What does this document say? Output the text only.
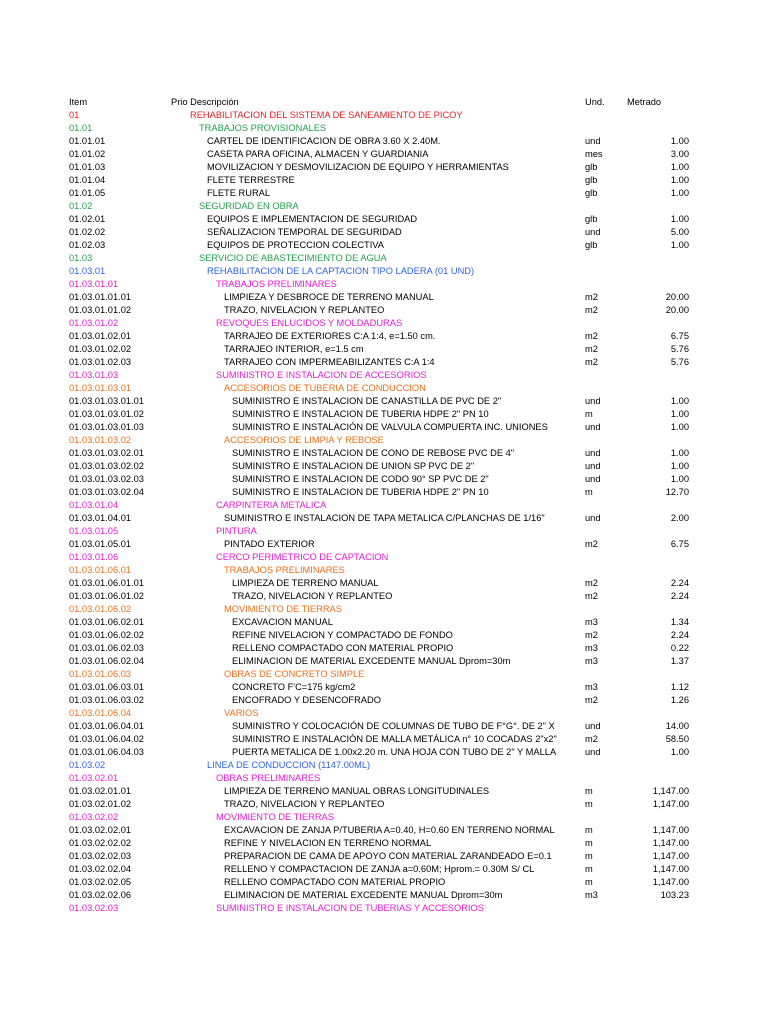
Item	Prio Descripción	Und.	Metrado
01	REHABILITACION DEL SISTEMA DE SANEAMIENTO DE PICOY
01.01	TRABAJOS PROVISIONALES
01.01.01	CARTEL DE IDENTIFICACION DE OBRA 3.60 X 2.40M.	und	1.00
01.01.02	CASETA PARA OFICINA, ALMACEN Y GUARDIANIA	mes	3.00
01.01.03	MOVILIZACION Y DESMOVILIZACION DE EQUIPO Y HERRAMIENTAS	glb	1.00
01.01.04	FLETE TERRESTRE	glb	1.00
01.01.05	FLETE RURAL	glb	1.00
01.02	SEGURIDAD EN OBRA
01.02.01	EQUIPOS E IMPLEMENTACION DE SEGURIDAD	glb	1.00
01.02.02	SEÑALIZACION TEMPORAL DE SEGURIDAD	und	5.00
01.02.03	EQUIPOS DE PROTECCION COLECTIVA	glb	1.00
01.03	SERVICIO DE ABASTECIMIENTO DE AGUA
01.03.01	REHABILITACION DE LA CAPTACION TIPO LADERA (01 UND)
01.03.01.01	TRABAJOS PRELIMINARES
01.03.01.01.01	LIMPIEZA Y DESBROCE DE TERRENO MANUAL	m2	20.00
01.03.01.01.02	TRAZO, NIVELACION Y REPLANTEO	m2	20.00
01.03.01.02	REVOQUES ENLUCIDOS Y MOLDADURAS
01.03.01.02.01	TARRAJEO DE EXTERIORES C:A 1:4, e=1.50 cm.	m2	6.75
01.03.01.02.02	TARRAJEO INTERIOR, e=1.5 cm	m2	5.76
01.03.01.02.03	TARRAJEO CON IMPERMEABILIZANTES C:A 1:4	m2	5.76
01.03.01.03	SUMINISTRO E INSTALACION DE ACCESORIOS
01.03.01.03.01	ACCESORIOS DE TUBERIA DE CONDUCCION
01.03.01.03.01.01	SUMINISTRO E INSTALACION DE CANASTILLA DE PVC DE 2"	und	1.00
01.03.01.03.01.02	SUMINISTRO E INSTALACION DE TUBERIA HDPE 2" PN 10	m	1.00
01.03.01.03.01.03	SUMINISTRO E INSTALACIÓN DE VALVULA COMPUERTA INC. UNIONES	und	1.00
01.03.01.03.02	ACCESORIOS DE LIMPIA Y REBOSE
01.03.01.03.02.01	SUMINISTRO E INSTALACION DE CONO DE REBOSE PVC DE 4"	und	1.00
01.03.01.03.02.02	SUMINISTRO E INSTALACION DE UNION SP PVC DE 2"	und	1.00
01.03.01.03.02.03	SUMINISTRO E INSTALACION DE CODO 90° SP PVC DE 2"	und	1.00
01.03.01.03.02.04	SUMINISTRO E INSTALACION DE TUBERIA HDPE 2" PN 10	m	12.70
01.03.01.04	CARPINTERIA METALICA
01.03.01.04.01	SUMINISTRO E INSTALACION DE TAPA METALICA C/PLANCHAS DE 1/16"	und	2.00
01.03.01.05	PINTURA
01.03.01.05.01	PINTADO EXTERIOR	m2	6.75
01.03.01.06	CERCO PERIMETRICO DE CAPTACION
01.03.01.06.01	TRABAJOS PRELIMINARES
01.03.01.06.01.01	LIMPIEZA DE TERRENO MANUAL	m2	2.24
01.03.01.06.01.02	TRAZO, NIVELACION Y REPLANTEO	m2	2.24
01.03.01.06.02	MOVIMIENTO DE TIERRAS
01.03.01.06.02.01	EXCAVACION MANUAL	m3	1.34
01.03.01.06.02.02	REFINE NIVELACION Y COMPACTADO DE FONDO	m2	2.24
01.03.01.06.02.03	RELLENO COMPACTADO CON MATERIAL PROPIO	m3	0.22
01.03.01.06.02.04	ELIMINACION DE MATERIAL EXCEDENTE MANUAL Dprom=30m	m3	1.37
01.03.01.06.03	OBRAS DE CONCRETO SIMPLE
01.03.01.06.03.01	CONCRETO F'C=175 kg/cm2	m3	1.12
01.03.01.06.03.02	ENCOFRADO Y DESENCOFRADO	m2	1.26
01.03.01.06.04	VARIOS
01.03.01.06.04.01	SUMINISTRO Y COLOCACIÓN DE COLUMNAS DE TUBO DE F°G°. DE 2" X	und	14.00
01.03.01.06.04.02	SUMINISTRO E INSTALACIÓN DE MALLA METÁLICA n° 10 COCADAS 2"x2"	m2	58.50
01.03.01.06.04.03	PUERTA METALICA DE 1.00x2.20 m. UNA HOJA CON TUBO DE 2" Y MALLA	und	1.00
01.03.02	LINEA DE CONDUCCION (1147.00ML)
01.03.02.01	OBRAS PRELIMINARES
01.03.02.01.01	LIMPIEZA DE TERRENO MANUAL OBRAS LONGITUDINALES	m	1,147.00
01.03.02.01.02	TRAZO, NIVELACION Y REPLANTEO	m	1,147.00
01.03.02.02	MOVIMIENTO DE TIERRAS
01.03.02.02.01	EXCAVACION DE ZANJA P/TUBERIA A=0.40, H=0.60 EN TERRENO NORMAL	m	1,147.00
01.03.02.02.02	REFINE Y NIVELACION EN TERRENO NORMAL	m	1,147.00
01.03.02.02.03	PREPARACION DE CAMA DE APOYO CON MATERIAL ZARANDEADO E=0.1	m	1,147.00
01.03.02.02.04	RELLENO Y COMPACTACION DE ZANJA a=0.60M; Hprom.= 0.30M S/ CL	m	1,147.00
01.03.02.02.05	RELLENO COMPACTADO CON MATERIAL PROPIO	m	1,147.00
01.03.02.02.06	ELIMINACION DE MATERIAL EXCEDENTE MANUAL Dprom=30m	m3	103.23
01.03.02.03	SUMINISTRO E INSTALACION DE TUBERIAS Y ACCESORIOS
